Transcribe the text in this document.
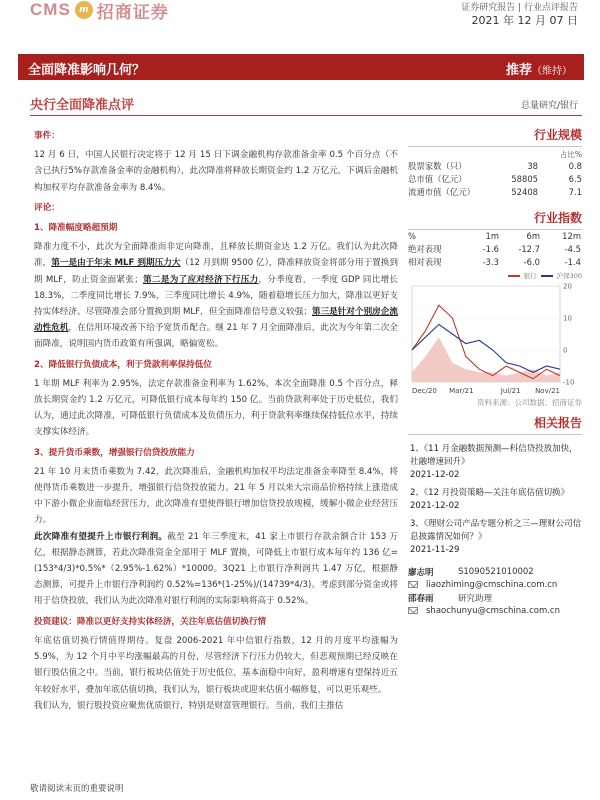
CMS m 招商证券	证券研究报告 | 行业点评报告
2021 年 12 月 07 日
全面降准影响几何？	推荐（维持）
央行全面降准点评	总量研究/银行

事件：

12 月 6 日，中国人民银行决定将于 12 月 15 日下调金融机构存款准备金率 0.5 个百分点（不含已执行5%存款准备金率的金融机构），此次降准将释放长期资金约 1.2 万亿元，下调后金融机构加权平均存款准备金率为 8.4%。

评论：

1、降准幅度略超预期

降准力度不小，此次为全面降准而非定向降准，且释放长期资金达 1.2 万亿。我们认为此次降准，第一是由于年末 MLF 到期压力大（12 月到期 9500 亿），降准释放资金将部分用于置换到期 MLF，防止资金面紧张；第二是为了应对经济下行压力，分季度看，一季度 GDP 同比增长 18.3%，二季度同比增长 7.9%，三季度同比增长 4.9%，随着稳增长压力加大，降准以更好支持实体经济。尽管降准会部分置换到期 MLF，但全面降准信号意义较强；第三是针对个别房企流动性危机，在信用环境改善下给予宽货币配合。继 21 年 7 月全面降准后，此次为今年第二次全面降准，说明国内货币政策有所强调，略偏宽松。

2、降低银行负债成本，利于贷款利率保持低位

1 年期 MLF 利率为 2.95%，法定存款准备金利率为 1.62%。本次全面降准 0.5 个百分点，释放长期资金约 1.2 万亿元，可降低银行成本每年约 150 亿。当前贷款利率处于历史低位，我们认为，通过此次降准，可降低银行负债成本及负债压力，利于贷款利率继续保持低位水平，持续支撑实体经济。

3、提升货币乘数，增强银行信贷投放能力

21 年 10 月末货币乘数为 7.42，此次降准后，金融机构加权平均法定准备金率降至 8.4%，将使得货币乘数进一步提升，增强银行信贷投放能力。21 年 5 月以来大宗商品价格持续上涨造成中下游小微企业面临经营压力，此次降准有望使得银行增加信贷投放规模，缓解小微企业经营压力。

此次降准有望提升上市银行利润。截至 21 年三季度末，41 家上市银行存款余额合计 153 万亿，根据静态测算，若此次降准资金全部用于 MLF 置换，可降低上市银行成本每年约 136 亿=(153*4/3)*0.5%*（2.95%-1.62%）*10000。3Q21 上市银行净利润共 1.47 万亿，根据静态测算，可提升上市银行净利润约 0.52%=136*(1-25%)/(14739*4/3)。考虑到部分资金或将用于信贷投放，我们认为此次降准对银行利润的实际影响将高于 0.52%。

投资建议：降准以更好支持实体经济，关注年底估值切换行情

年底估值切换行情值得期待。复盘 2006-2021 年中信银行指数，12 月的月度平均涨幅为 5.9%，为 12 个月中平均涨幅最高的月份，尽管经济下行压力仍较大，但悲观预期已经反映在银行股估值之中。当前，银行板块估值处于历史低位，基本面稳中向好，盈利增速有望保持近五年较好水平，叠加年底估值切换，我们认为，银行板块或迎来估值小幅修复，可以更乐观些。

我们认为，银行股投资应聚焦优质银行，特别是财富管理银行。当前，我们主推估

行业规模
占比%
股票家数（只）	38	0.8
总市值（亿元）	58805	6.5
流通市值（亿元）	52408	7.1
行业指数
%	1m	6m	12m
绝对表现	-1.6	-12.7	-4.5
相对表现	-3.3	-6.0	-1.4
银行	沪深300
20
10
0
-10
Dec/20 Mar/21	Jul/21 Nov/21
资料来源：公司数据、招商证券
相关报告
1、《11 月金融数据预测—科信贷投放加快，社融增速回升》
2021-12-02
2、《12 月投资策略—关注年底估值切换》
2021-12-02
3、《理财公司产品专题分析之三—理财公司信息披露情况如何？》
2021-11-29
廖志明	S1090521010002
liaozhiming@cmschina.com.cn
邵春雨	研究助理
shaochunyu@cmschina.com.cn
敬请阅读末页的重要说明
